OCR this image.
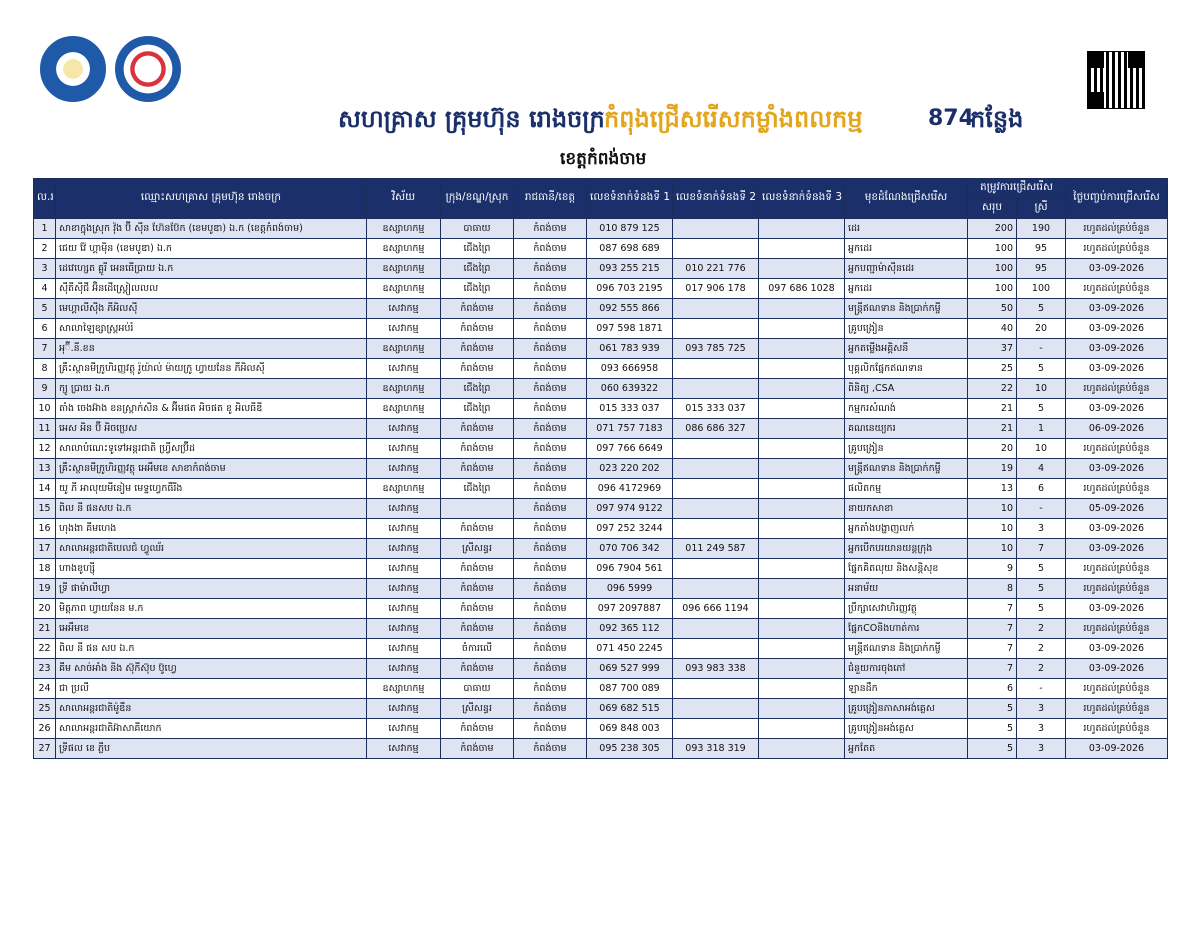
សហគ្រាស គ្រុមហ៊ុន រោងចក្រ កំពុងជ្រើសរើសកម្លាំងពលកម្ម	874
កន្លែង
ខេត្តកំពង់ចាម
ល.រ	ឈ្មោះសហគ្រាស គ្រុមហ៊ុន រោងចក្រ	វិស័យ	ក្រុង/ខណ្ឌ/ស្រុក	រាជធានី/ខេត្ត	លេខទំនាក់ទំនងទី 1	លេខទំនាក់ទំនងទី 2	លេខទំនាក់ទំនងទី 3	មុខដំណែងជ្រើសរើស	តម្រូវការជ្រើសរើស		ថ្ងៃបញ្ចប់ការជ្រើសរើស
									សរុប	ស្រី	
1	សាខាក្នុងស្រុក វ៉ុង ប៊ី ស៊ីន ហ៊ែនប៊ែក (ខេមបូឌា) ឯ.ក (ខេត្តកំពង់ចាម)	ឧស្សាហកម្ម	បាធាយ	កំពង់ចាម	010 879 125			ដេរ	200	190	រហូតដល់គ្រប់ចំនួន
2	ជេយ វ៉ែ ហ្គាម៉ិន (ខេមបូឌា) ឯ.ក	ឧស្សាហកម្ម	ជើងព្រៃ	កំពង់ចាម	087 698 689			អ្នកដេរ	100	95	រហូតដល់គ្រប់ចំនួន
3	ដេវេហ្សេត គ្លូរី អេនធើប្រាយ ឯ.ក	ឧស្សាហកម្ម	ជើងព្រៃ	កំពង់ចាម	093 255 215	010 221 776		អ្នកបញ្ជាម៉ាស៊ីនដេរ	100	95	03-09-2026
4	ស៊ីតីស៊ីជី អ៊ិនដើស្ត្រៀលលល	ឧស្សាហកម្ម	ជើងព្រៃ	កំពង់ចាម	096 703 2195	017 906 178	097 686 1028	អ្នកដេរ	100	100	រហូតដល់គ្រប់ចំនួន
5	មេហ្គាលីស៊ីង ភីអិលស៊ី	សេវាកម្ម	កំពង់ចាម	កំពង់ចាម	092 555 866			មន្ត្រីឥណទាន និងប្រាក់កម្ចី	50	5	03-09-2026
6	សាលាឡៃខ្សាស្ត្រអប់រំ	សេវាកម្ម	កំពង់ចាម	កំពង់ចាម	097 598 1871			គ្រូបង្រៀន	40	20	03-09-2026
7	អុ៊ី.នី.ខន	ឧស្សាហកម្ម	កំពង់ចាម	កំពង់ចាម	061 783 939	093 785 725		អ្នកតម្លើងអគ្គិសនី	37	-	03-09-2026
8	គ្រឹះស្ថានមីក្រូហិរញ្ញវត្ថុ រ៉ូយ៉ាល់ ម៉ាយក្រូ ហ្វាយនែន ភីអិលស៊ី	សេវាកម្ម	កំពង់ចាម	កំពង់ចាម	093 666958			បុគ្គលិកផ្នែកឥណទាន	25	5	03-09-2026
9	ក្យូ ប្រាយ ឯ.ក	ឧស្សាហកម្ម	ជើងព្រៃ	កំពង់ចាម	060 639322			ពិនិត្យ ,CSA	22	10	រហូតដល់គ្រប់ចំនួន
10	តាំង ចេងអ៊ាង ខនស្ត្រាក់សិន & អ៊ីមផត អិចផត ខូ អិលធីឌី	ឧស្សាហកម្ម	ជើងព្រៃ	កំពង់ចាម	015 333 037	015 333 037		កម្មករសំណង់	21	5	03-09-2026
11	អេស អិន ប៊ី អិចប្រេស	សេវាកម្ម	កំពង់ចាម	កំពង់ចាម	071 757 7183	086 686 327		គណនេយ្យករ	21	1	06-09-2026
12	សាលាបំណេះទូទៅអន្តរជាតិ ហ្វ្រីសប៊្រីដ	សេវាកម្ម	កំពង់ចាម	កំពង់ចាម	097 766 6649			គ្រូបង្រៀន	20	10	រហូតដល់គ្រប់ចំនួន
13	គ្រឹះស្ថានមីក្រូហិរញ្ញវត្ថុ អេអឹមខេ សាខាកំពង់ចាម	សេវាកម្ម	កំពង់ចាម	កំពង់ចាម	023 220 202			មន្ត្រីឥណទាន និងប្រាក់កម្ចី	19	4	03-09-2026
14	យូ ភី អាលុយមីនៀម មេទ្ទហ្វេកធឺរីង	ឧស្សាហកម្ម	ជើងព្រៃ	កំពង់ចាម	096 4172969			ផលិតកម្ម	13	6	រហូតដល់គ្រប់ចំនួន
15	ពិល នី ផនសប ឯ.ក	សេវាកម្ម		កំពង់ចាម	097 974 9122			នាយកសាខា	10	-	05-09-2026
16	ហុងងា គីមហេង	សេវាកម្ម	កំពង់ចាម	កំពង់ចាម	097 252 3244			អ្នកតាំងបង្ហាញលក់	10	3	03-09-2026
17	សាលាអន្តរជាតិបេលជំ ហ្វូឈ័រ	សេវាកម្ម	ស្រីសន្ធរ	កំពង់ចាម	070 706 342	011 249 587		អ្នកបើកបរយានយន្តក្រុង	10	7	03-09-2026
18	ហាងខូហ្ស៊ី	សេវាកម្ម	កំពង់ចាម	កំពង់ចាម	096 7904 561			ផ្នែកគិតលុយ និងសន្តិសុខ	9	5	រហូតដល់គ្រប់ចំនួន
19	ទ្រី ផាម៉ាលីហ្វា	សេវាកម្ម	កំពង់ចាម	កំពង់ចាម	096 5999			អនាម័យ	8	5	រហូតដល់គ្រប់ចំនួន
20	មិត្តភាព ហ្វាយនែន ម.ក	សេវាកម្ម	កំពង់ចាម	កំពង់ចាម	097 2097887	096 666 1194		ប្រឹក្សាសេវាហិរញ្ញវត្ថុ	7	5	03-09-2026
21	អេអឹមខេ	សេវាកម្ម	កំពង់ចាម	កំពង់ចាម	092 365 112			ផ្នែកCOនិងហាត់ការ	7	2	រហូតដល់គ្រប់ចំនួន
22	ពិល នី ផន សប ឯ.ក	សេវាកម្ម	ចំការលើ	កំពង់ចាម	071 450 2245			មន្ត្រីឥណទាន និងប្រាក់កម្ចី	7	2	03-09-2026
23	គីម សាច់អាំង និង ស៊ុកីស៊ុប ប៊ូហ្វេ	សេវាកម្ម	កំពង់ចាម	កំពង់ចាម	069 527 999	093 983 338		ជំនួយការចុងភៅ	7	2	03-09-2026
24	ជា ប្រលី	ឧស្សាហកម្ម	បាធាយ	កំពង់ចាម	087 700 089			ឡានដឹក	6	-	រហូតដល់គ្រប់ចំនួន
25	សាលាអន្តរជាតិម៉ូឌឺន	សេវាកម្ម	ស្រីសន្ធរ	កំពង់ចាម	069 682 515			គ្រូបង្រៀនភាសាអង់គ្លេស	5	3	រហូតដល់គ្រប់ចំនួន
26	សាលាអន្តរជាតិអ៊ាសាគីយោក	សេវាកម្ម	កំពង់ចាម	កំពង់ចាម	069 848 003			គ្រូបង្រៀនអង់គ្លេស	5	3	រហូតដល់គ្រប់ចំនួន
27	ទ្រីផល ខេ ភ្លីប	សេវាកម្ម	កំពង់ចាម	កំពង់ចាម	095 238 305	093 318 319		អ្នកតែត	5	3	03-09-2026
